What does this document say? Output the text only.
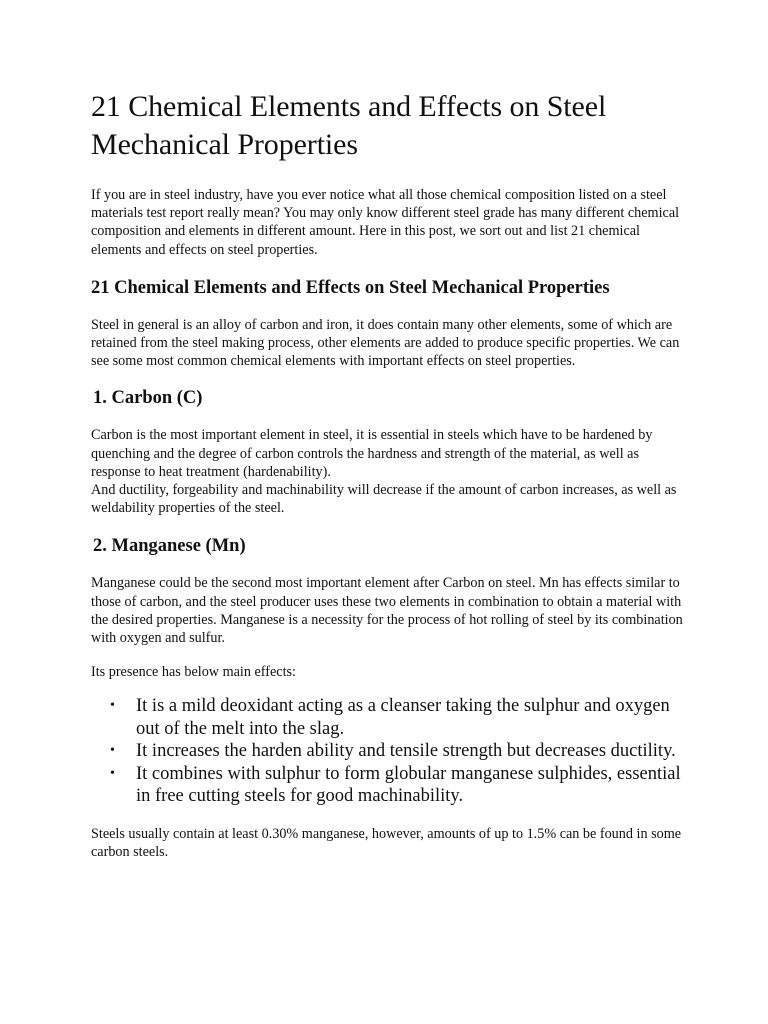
21 Chemical Elements and Effects on Steel Mechanical Properties

If you are in steel industry, have you ever notice what all those chemical composition listed on a steel materials test report really mean? You may only know different steel grade has many different chemical composition and elements in different amount. Here in this post, we sort out and list 21 chemical elements and effects on steel properties.

21 Chemical Elements and Effects on Steel Mechanical Properties

Steel in general is an alloy of carbon and iron, it does contain many other elements, some of which are retained from the steel making process, other elements are added to produce specific properties. We can see some most common chemical elements with important effects on steel properties.

1. Carbon (C)

Carbon is the most important element in steel, it is essential in steels which have to be hardened by quenching and the degree of carbon controls the hardness and strength of the material, as well as response to heat treatment (hardenability).

And ductility, forgeability and machinability will decrease if the amount of carbon increases, as well as weldability properties of the steel.

2. Manganese (Mn)

Manganese could be the second most important element after Carbon on steel. Mn has effects similar to those of carbon, and the steel producer uses these two elements in combination to obtain a material with the desired properties. Manganese is a necessity for the process of hot rolling of steel by its combination with oxygen and sulfur.

Its presence has below main effects:

• It is a mild deoxidant acting as a cleanser taking the sulphur and oxygen out of the melt into the slag.
• It increases the harden ability and tensile strength but decreases ductility.
• It combines with sulphur to form globular manganese sulphides, essential in free cutting steels for good machinability.

Steels usually contain at least 0.30% manganese, however, amounts of up to 1.5% can be found in some carbon steels.
